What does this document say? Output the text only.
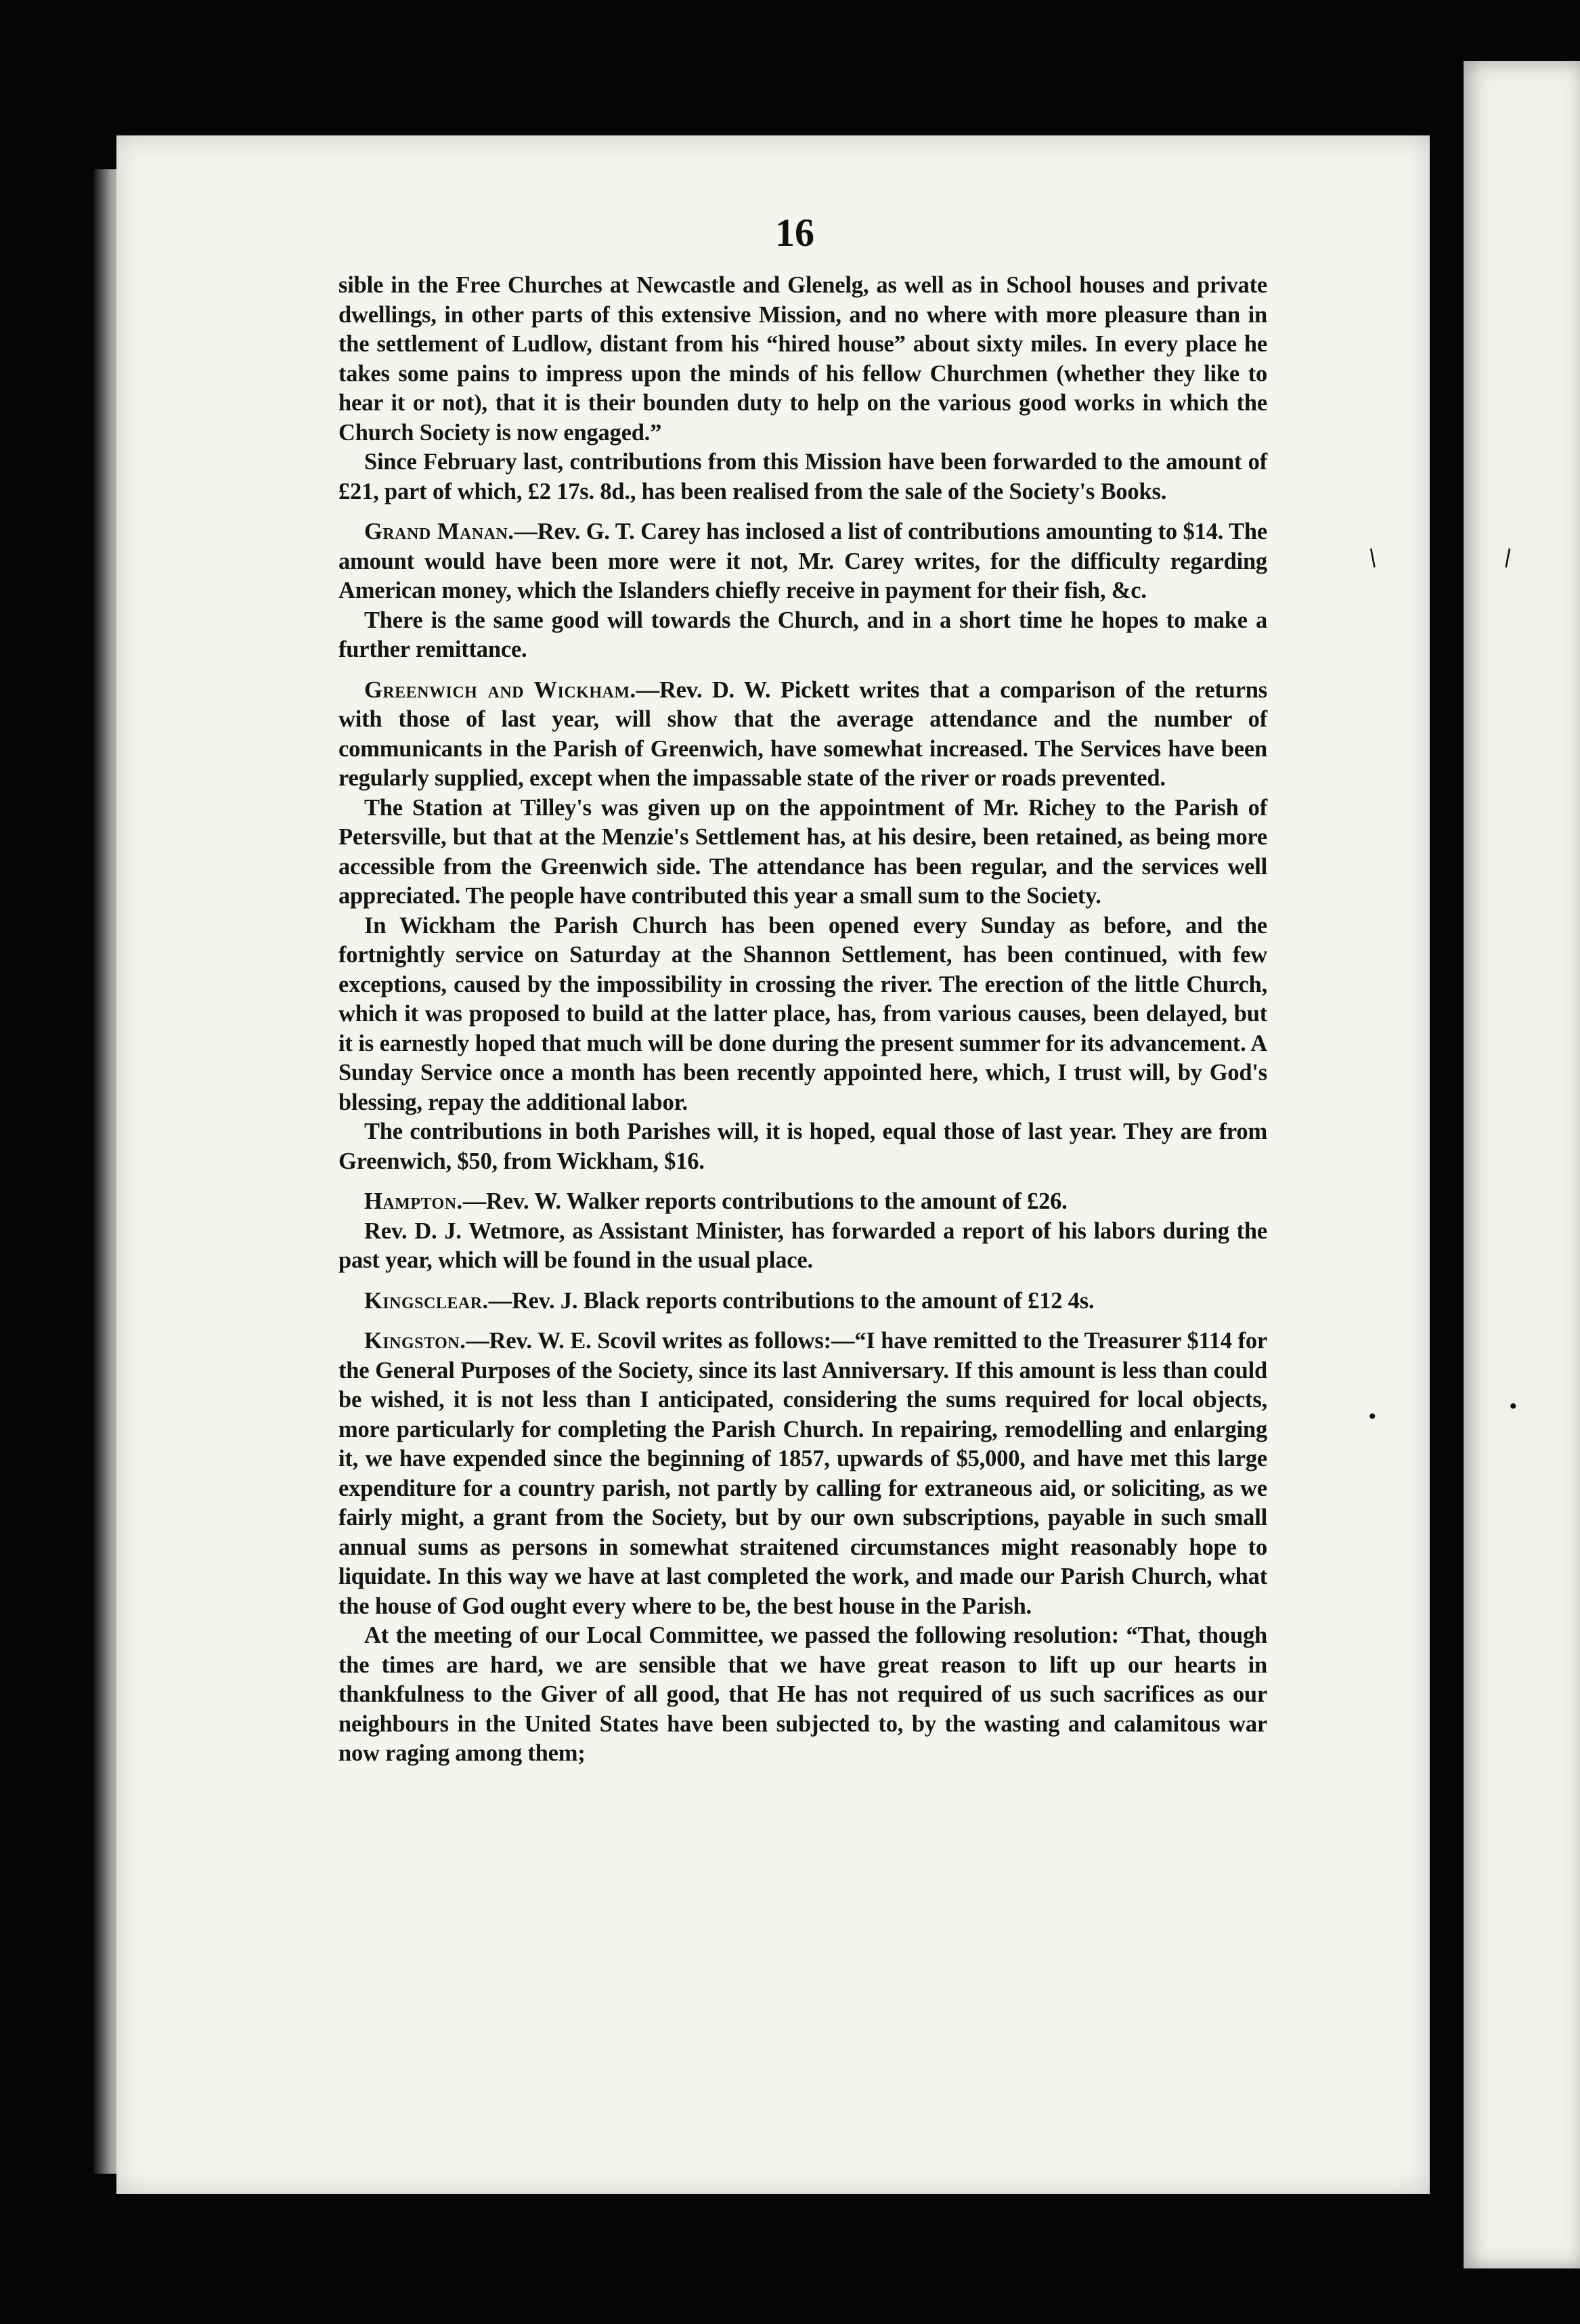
/	\
•	•
16

sible in the Free Churches at Newcastle and Glenelg, as well as in School houses and private dwellings, in other parts of this extensive Mission, and no where with more pleasure than in the settlement of Ludlow, distant from his “hired house” about sixty miles. In every place he takes some pains to impress upon the minds of his fellow Churchmen (whether they like to hear it or not), that it is their bounden duty to help on the various good works in which the Church Society is now engaged.”

Since February last, contributions from this Mission have been forwarded to the amount of £21, part of which, £2 17s. 8d., has been realised from the sale of the Society's Books.

Grand Manan.—Rev. G. T. Carey has inclosed a list of contributions amounting to $14. The amount would have been more were it not, Mr. Carey writes, for the difficulty regarding American money, which the Islanders chiefly receive in payment for their fish, &c.

There is the same good will towards the Church, and in a short time he hopes to make a further remittance.

Greenwich and Wickham.—Rev. D. W. Pickett writes that a comparison of the returns with those of last year, will show that the average attendance and the number of communicants in the Parish of Greenwich, have somewhat increased. The Services have been regularly supplied, except when the impassable state of the river or roads prevented.

The Station at Tilley's was given up on the appointment of Mr. Richey to the Parish of Petersville, but that at the Menzie's Settlement has, at his desire, been retained, as being more accessible from the Greenwich side. The attendance has been regular, and the services well appreciated. The people have contributed this year a small sum to the Society.

In Wickham the Parish Church has been opened every Sunday as before, and the fortnightly service on Saturday at the Shannon Settlement, has been continued, with few exceptions, caused by the impossibility in crossing the river. The erection of the little Church, which it was proposed to build at the latter place, has, from various causes, been delayed, but it is earnestly hoped that much will be done during the present summer for its advancement. A Sunday Service once a month has been recently appointed here, which, I trust will, by God's blessing, repay the additional labor.

The contributions in both Parishes will, it is hoped, equal those of last year. They are from Greenwich, $50, from Wickham, $16.

Hampton.—Rev. W. Walker reports contributions to the amount of £26.

Rev. D. J. Wetmore, as Assistant Minister, has forwarded a report of his labors during the past year, which will be found in the usual place.

Kingsclear.—Rev. J. Black reports contributions to the amount of £12 4s.

Kingston.—Rev. W. E. Scovil writes as follows:—“I have remitted to the Treasurer $114 for the General Purposes of the Society, since its last Anniversary. If this amount is less than could be wished, it is not less than I anticipated, considering the sums required for local objects, more particularly for completing the Parish Church. In repairing, remodelling and enlarging it, we have expended since the beginning of 1857, upwards of $5,000, and have met this large expenditure for a country parish, not partly by calling for extraneous aid, or soliciting, as we fairly might, a grant from the Society, but by our own subscriptions, payable in such small annual sums as persons in somewhat straitened circumstances might reasonably hope to liquidate. In this way we have at last completed the work, and made our Parish Church, what the house of God ought every where to be, the best house in the Parish.

At the meeting of our Local Committee, we passed the following resolution: “That, though the times are hard, we are sensible that we have great reason to lift up our hearts in thankfulness to the Giver of all good, that He has not required of us such sacrifices as our neighbours in the United States have been subjected to, by the wasting and calamitous war now raging among them;
